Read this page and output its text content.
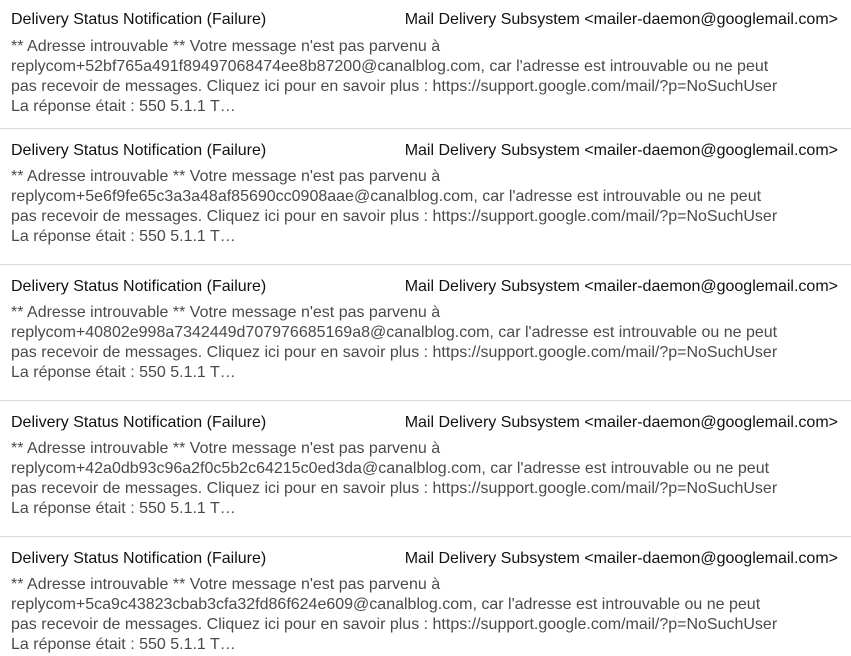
Delivery Status Notification (Failure)	Mail Delivery Subsystem <mailer-daemon@googlemail.com>
** Adresse introuvable ** Votre message n'est pas parvenu à
replycom+52bf765a491f89497068474ee8b87200@canalblog.com, car l'adresse est introuvable ou ne peut
pas recevoir de messages. Cliquez ici pour en savoir plus : https://support.google.com/mail/?p=NoSuchUser
La réponse était : 550 5.1.1 T…
Delivery Status Notification (Failure)	Mail Delivery Subsystem <mailer-daemon@googlemail.com>
** Adresse introuvable ** Votre message n'est pas parvenu à
replycom+5e6f9fe65c3a3a48af85690cc0908aae@canalblog.com, car l'adresse est introuvable ou ne peut
pas recevoir de messages. Cliquez ici pour en savoir plus : https://support.google.com/mail/?p=NoSuchUser
La réponse était : 550 5.1.1 T…
Delivery Status Notification (Failure)	Mail Delivery Subsystem <mailer-daemon@googlemail.com>
** Adresse introuvable ** Votre message n'est pas parvenu à
replycom+40802e998a7342449d707976685169a8@canalblog.com, car l'adresse est introuvable ou ne peut
pas recevoir de messages. Cliquez ici pour en savoir plus : https://support.google.com/mail/?p=NoSuchUser
La réponse était : 550 5.1.1 T…
Delivery Status Notification (Failure)	Mail Delivery Subsystem <mailer-daemon@googlemail.com>
** Adresse introuvable ** Votre message n'est pas parvenu à
replycom+42a0db93c96a2f0c5b2c64215c0ed3da@canalblog.com, car l'adresse est introuvable ou ne peut
pas recevoir de messages. Cliquez ici pour en savoir plus : https://support.google.com/mail/?p=NoSuchUser
La réponse était : 550 5.1.1 T…
Delivery Status Notification (Failure)	Mail Delivery Subsystem <mailer-daemon@googlemail.com>
** Adresse introuvable ** Votre message n'est pas parvenu à
replycom+5ca9c43823cbab3cfa32fd86f624e609@canalblog.com, car l'adresse est introuvable ou ne peut
pas recevoir de messages. Cliquez ici pour en savoir plus : https://support.google.com/mail/?p=NoSuchUser
La réponse était : 550 5.1.1 T…
